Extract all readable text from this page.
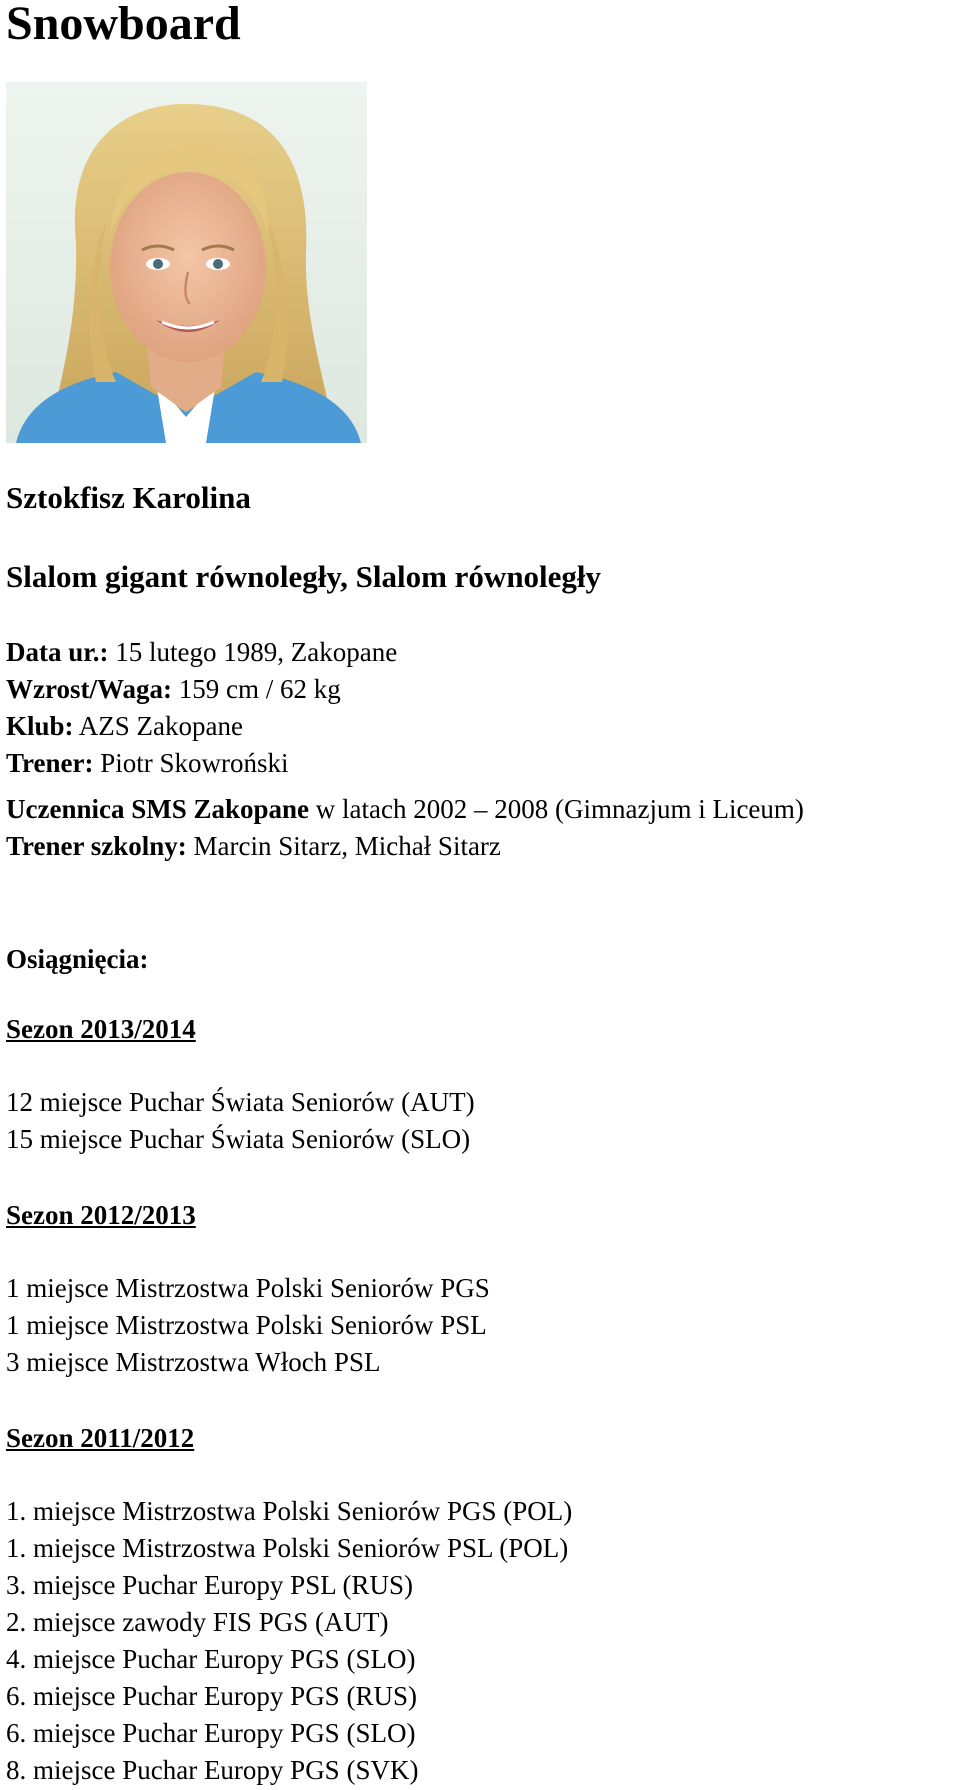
Snowboard
Sztokfisz Karolina
Slalom gigant równoległy, Slalom równoległy
Data ur.: 15 lutego 1989, Zakopane
Wzrost/Waga: 159 cm / 62 kg
Klub: AZS Zakopane
Trener: Piotr Skowroński
Uczennica SMS Zakopane w latach 2002 – 2008 (Gimnazjum i Liceum)
Trener szkolny: Marcin Sitarz, Michał Sitarz
Osiągnięcia:
Sezon 2013/2014
12 miejsce Puchar Świata Seniorów (AUT)
15 miejsce Puchar Świata Seniorów (SLO)
Sezon 2012/2013
1 miejsce Mistrzostwa Polski Seniorów PGS
1 miejsce Mistrzostwa Polski Seniorów PSL
3 miejsce Mistrzostwa Włoch PSL
Sezon 2011/2012
1. miejsce Mistrzostwa Polski Seniorów PGS (POL)
1. miejsce Mistrzostwa Polski Seniorów PSL (POL)
3. miejsce Puchar Europy PSL (RUS)
2. miejsce zawody FIS PGS (AUT)
4. miejsce Puchar Europy PGS (SLO)
6. miejsce Puchar Europy PGS (RUS)
6. miejsce Puchar Europy PGS (SLO)
8. miejsce Puchar Europy PGS (SVK)
